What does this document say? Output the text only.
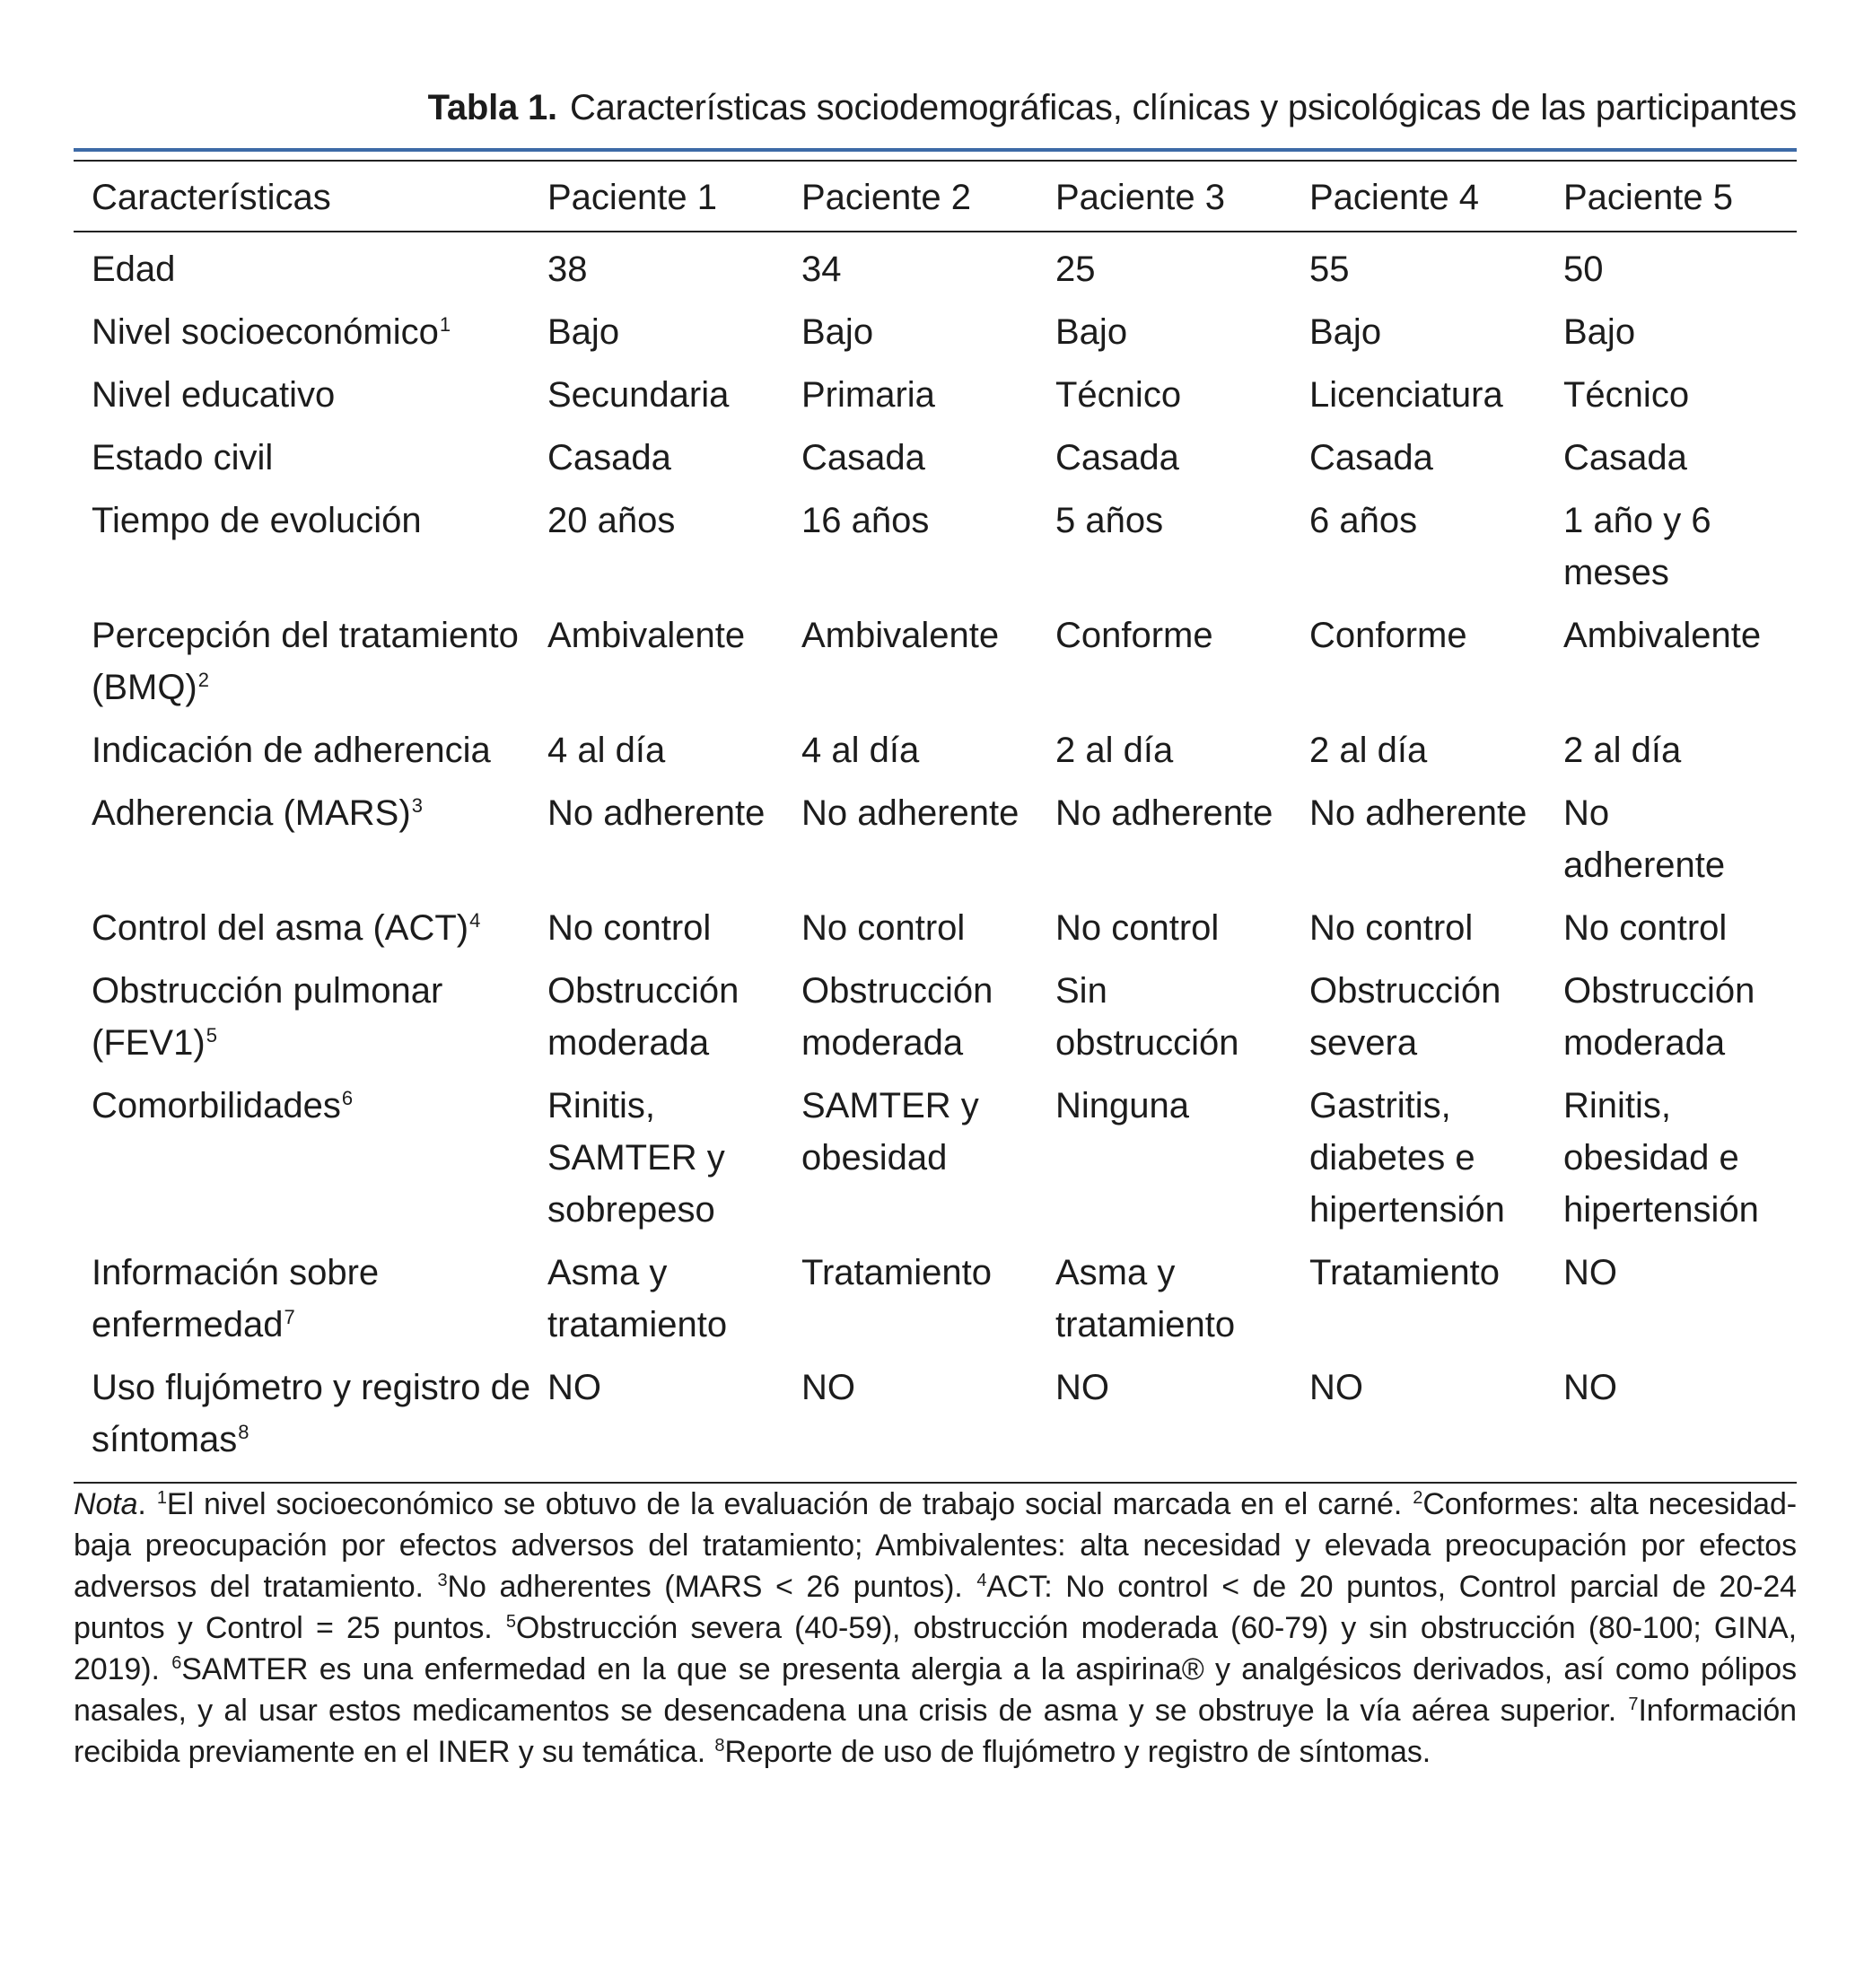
Tabla 1. Características sociodemográficas, clínicas y psicológicas de las participantes
Características	Paciente 1	Paciente 2	Paciente 3	Paciente 4	Paciente 5
Edad	38	34	25	55	50
Nivel socioeconómico$^1$	Bajo	Bajo	Bajo	Bajo	Bajo
Nivel educativo	Secundaria	Primaria	Técnico	Licenciatura	Técnico
Estado civil	Casada	Casada	Casada	Casada	Casada
Tiempo de evolución	20 años	16 años	5 años	6 años	1 año y 6 meses
Percepción del tratamiento (BMQ)$^2$	Ambivalente	Ambivalente	Conforme	Conforme	Ambivalente
Indicación de adherencia	4 al día	4 al día	2 al día	2 al día	2 al día
Adherencia (MARS)$^3$	No adherente	No adherente	No adherente	No adherente	No adherente
Control del asma (ACT)$^4$	No control	No control	No control	No control	No control
Obstrucción pulmonar $(FEV1)^5$	Obstrucción moderada	Obstrucción moderada	Sin obstrucción	Obstrucción severa	Obstrucción moderada
Comorbilidades$^6$	Rinitis, SAMTER y sobrepeso	SAMTER y obesidad	Ninguna	Gastritis, diabetes e hipertensión	Rinitis, obesidad e hipertensión
Información sobre enfermedad$^7$	Asma y tratamiento	Tratamiento	Asma y tratamiento	Tratamiento	NO
Uso flujómetro y registro de síntomas$^8$	NO	NO	NO	NO	NO
Nota. $^1$El nivel socioeconómico se obtuvo de la evaluación de trabajo social marcada en el carné. $^2$Conformes: alta necesidad-baja preocupación por efectos adversos del tratamiento; Ambivalentes: alta necesidad y elevada preocupación por efectos adversos del tratamiento. $^3$No adherentes (MARS < 26 puntos). $^4$ACT: No control < de 20 puntos, Control parcial de 20-24 puntos y Control = 25 puntos. $^5$Obstrucción severa (40-59), obstrucción moderada (60-79) y sin obstrucción (80-100; GINA, 2019). $^6$SAMTER es una enfermedad en la que se presenta alergia a la aspirina® y analgésicos derivados, así como pólipos nasales, y al usar estos medicamentos se desencadena una crisis de asma y se obstruye la vía aérea superior. $^7$Información recibida previamente en el INER y su temática. $^8$Reporte de uso de flujómetro y registro de síntomas.
